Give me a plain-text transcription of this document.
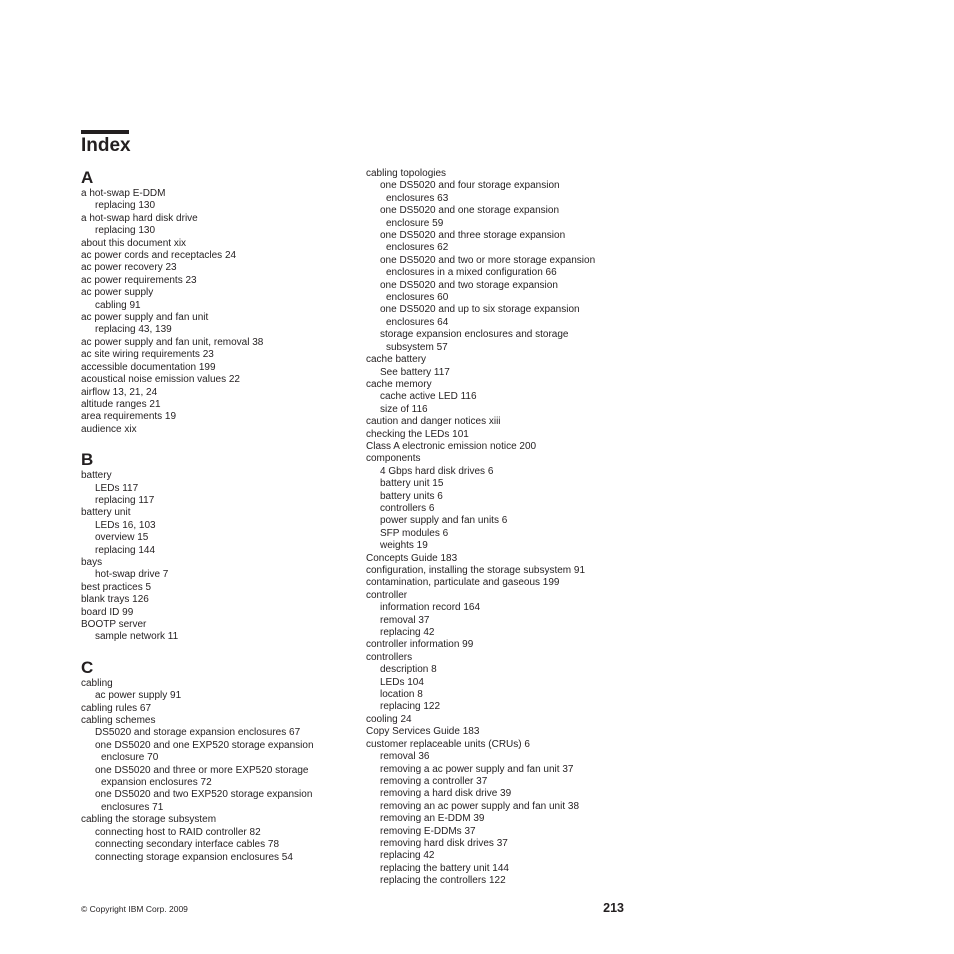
Index
A
a hot-swap E-DDM
replacing 130
a hot-swap hard disk drive
replacing 130
about this document xix
ac power cords and receptacles 24
ac power recovery 23
ac power requirements 23
ac power supply
cabling 91
ac power supply and fan unit
replacing 43, 139
ac power supply and fan unit, removal 38
ac site wiring requirements 23
accessible documentation 199
acoustical noise emission values 22
airflow 13, 21, 24
altitude ranges 21
area requirements 19
audience xix
B
battery
LEDs 117
replacing 117
battery unit
LEDs 16, 103
overview 15
replacing 144
bays
hot-swap drive 7
best practices 5
blank trays 126
board ID 99
BOOTP server
sample network 11
C
cabling
ac power supply 91
cabling rules 67
cabling schemes
DS5020 and storage expansion enclosures 67
one DS5020 and one EXP520 storage expansion
enclosure 70
one DS5020 and three or more EXP520 storage
expansion enclosures 72
one DS5020 and two EXP520 storage expansion
enclosures 71
cabling the storage subsystem
connecting host to RAID controller 82
connecting secondary interface cables 78
connecting storage expansion enclosures 54
cabling topologies
one DS5020 and four storage expansion
enclosures 63
one DS5020 and one storage expansion
enclosure 59
one DS5020 and three storage expansion
enclosures 62
one DS5020 and two or more storage expansion
enclosures in a mixed configuration 66
one DS5020 and two storage expansion
enclosures 60
one DS5020 and up to six storage expansion
enclosures 64
storage expansion enclosures and storage
subsystem 57
cache battery
See battery 117
cache memory
cache active LED 116
size of 116
caution and danger notices xiii
checking the LEDs 101
Class A electronic emission notice 200
components
4 Gbps hard disk drives 6
battery unit 15
battery units 6
controllers 6
power supply and fan units 6
SFP modules 6
weights 19
Concepts Guide 183
configuration, installing the storage subsystem 91
contamination, particulate and gaseous 199
controller
information record 164
removal 37
replacing 42
controller information 99
controllers
description 8
LEDs 104
location 8
replacing 122
cooling 24
Copy Services Guide 183
customer replaceable units (CRUs) 6
removal 36
removing a ac power supply and fan unit 37
removing a controller 37
removing a hard disk drive 39
removing an ac power supply and fan unit 38
removing an E-DDM 39
removing E-DDMs 37
removing hard disk drives 37
replacing 42
replacing the battery unit 144
replacing the controllers 122
© Copyright IBM Corp. 2009	213
